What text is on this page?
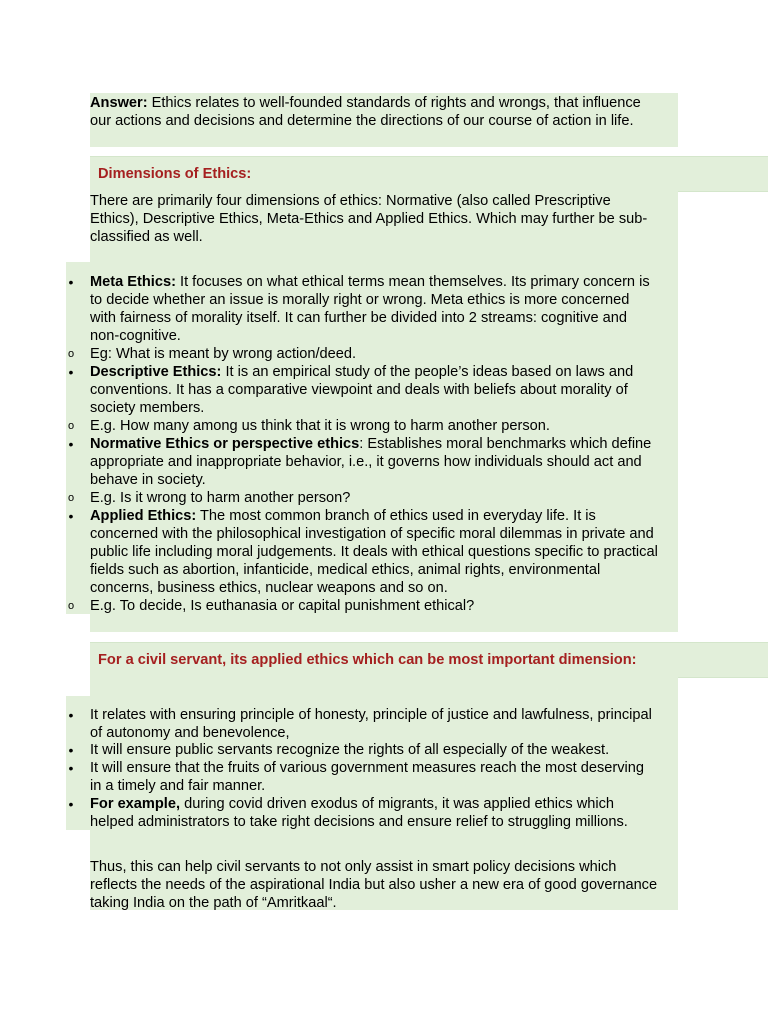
Answer: Ethics relates to well-founded standards of rights and wrongs, that influence
our actions and decisions and determine the directions of our course of action in life.
Dimensions of Ethics:
There are primarily four dimensions of ethics: Normative (also called Prescriptive
Ethics), Descriptive Ethics, Meta-Ethics and Applied Ethics. Which may further be sub-
classified as well.
• Meta Ethics: It focuses on what ethical terms mean themselves. Its primary concern is
to decide whether an issue is morally right or wrong. Meta ethics is more concerned
with fairness of morality itself. It can further be divided into 2 streams: cognitive and
non-cognitive.
o Eg: What is meant by wrong action/deed.
• Descriptive Ethics: It is an empirical study of the people’s ideas based on laws and
conventions. It has a comparative viewpoint and deals with beliefs about morality of
society members.
o E.g. How many among us think that it is wrong to harm another person.
• Normative Ethics or perspective ethics: Establishes moral benchmarks which define
appropriate and inappropriate behavior, i.e., it governs how individuals should act and
behave in society.
o E.g. Is it wrong to harm another person?
• Applied Ethics: The most common branch of ethics used in everyday life. It is
concerned with the philosophical investigation of specific moral dilemmas in private and
public life including moral judgements. It deals with ethical questions specific to practical
fields such as abortion, infanticide, medical ethics, animal rights, environmental
concerns, business ethics, nuclear weapons and so on.
o E.g. To decide, Is euthanasia or capital punishment ethical?
For a civil servant, its applied ethics which can be most important dimension:
• It relates with ensuring principle of honesty, principle of justice and lawfulness, principal
of autonomy and benevolence,
• It will ensure public servants recognize the rights of all especially of the weakest.
• It will ensure that the fruits of various government measures reach the most deserving
in a timely and fair manner.
• For example, during covid driven exodus of migrants, it was applied ethics which
helped administrators to take right decisions and ensure relief to struggling millions.
Thus, this can help civil servants to not only assist in smart policy decisions which
reflects the needs of the aspirational India but also usher a new era of good governance
taking India on the path of “Amritkaal“.
